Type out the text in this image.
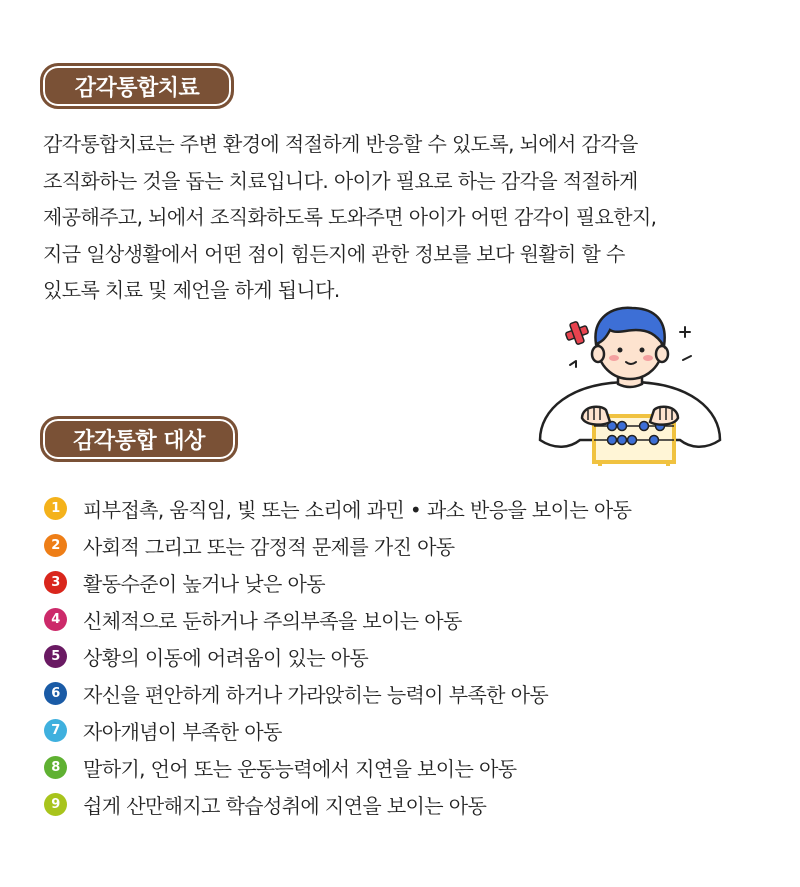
감각통합치료
감각통합치료는 주변 환경에 적절하게 반응할 수 있도록, 뇌에서 감각을
조직화하는 것을 돕는 치료입니다. 아이가 필요로 하는 감각을 적절하게
제공해주고, 뇌에서 조직화하도록 도와주면 아이가 어떤 감각이 필요한지,
지금 일상생활에서 어떤 점이 힘든지에 관한 정보를 보다 원활히 할 수
있도록 치료 및 제언을 하게 됩니다.
감각통합 대상
1	피부접촉, 움직임, 빛 또는 소리에 과민 • 과소 반응을 보이는 아동
2	사회적 그리고 또는 감정적 문제를 가진 아동
3	활동수준이 높거나 낮은 아동
4	신체적으로 둔하거나 주의부족을 보이는 아동
5	상황의 이동에 어려움이 있는 아동
6	자신을 편안하게 하거나 가라앉히는 능력이 부족한 아동
7	자아개념이 부족한 아동
8	말하기, 언어 또는 운동능력에서 지연을 보이는 아동
9	쉽게 산만해지고 학습성취에 지연을 보이는 아동
